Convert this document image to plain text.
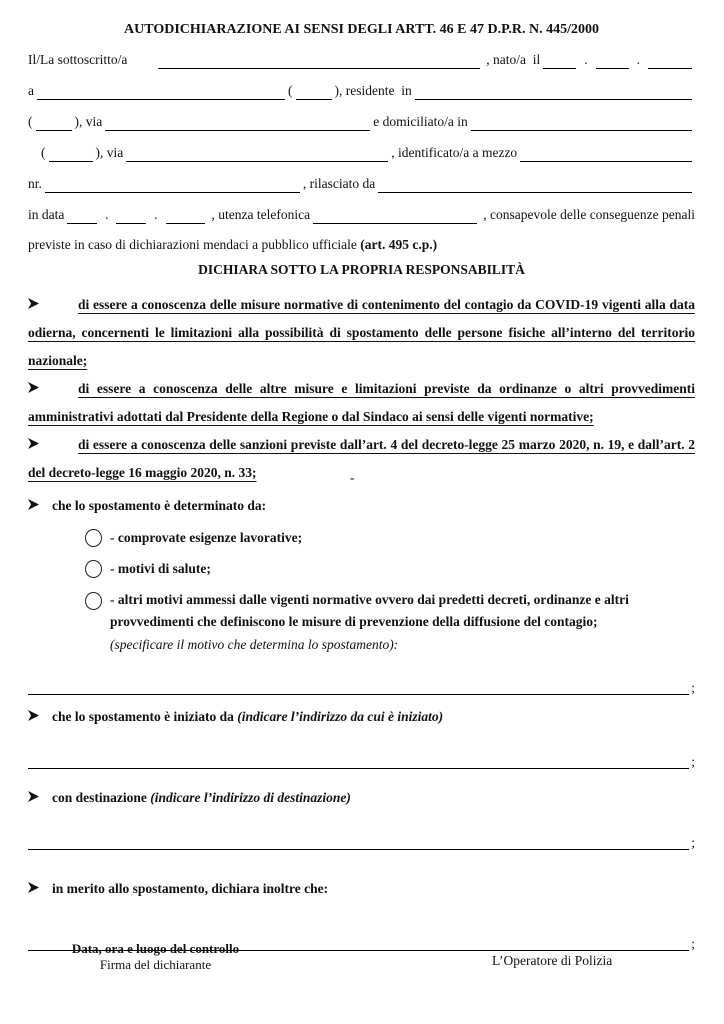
AUTODICHIARAZIONE AI SENSI DEGLI ARTT. 46 E 47 D.P.R. N. 445/2000
Il/La sottoscritto/a	, nato/a  il	.	.
a	(	), residente  in
(	), via	e domiciliato/a in
(	), via	, identificato/a a mezzo
nr.	, rilasciato da
in data	.	.	, utenza telefonica	, consapevole delle conseguenze penali
previste in caso di dichiarazioni mendaci a pubblico ufficiale (art. 495 c.p.)
DICHIARA SOTTO LA PROPRIA RESPONSABILITÀ

di essere a conoscenza delle misure normative di contenimento del contagio da COVID-19 vigenti alla data odierna, concernenti le limitazioni alla possibilità di spostamento delle persone fisiche all’interno del territorio nazionale;

di essere a conoscenza delle altre misure e limitazioni previste da ordinanze o altri provvedimenti amministrativi adottati dal Presidente della Regione o dal Sindaco ai sensi delle vigenti normative;

di essere a conoscenza delle sanzioni previste dall’art. 4 del decreto-legge 25 marzo 2020, n. 19, e dall’art. 2 del decreto-legge 16 maggio 2020, n. 33;

che lo spostamento è determinato da:
- comprovate esigenze lavorative;
- motivi di salute;
- altri motivi ammessi dalle vigenti normative ovvero dai predetti decreti, ordinanze e altri provvedimenti che definiscono le misure di prevenzione della diffusione del contagio;
(specificare il motivo che determina lo spostamento):
;
che lo spostamento è iniziato da (indicare l’indirizzo da cui è iniziato)
;
con destinazione (indicare l’indirizzo di destinazione)
;
in merito allo spostamento, dichiara inoltre che:
;
-
Data, ora e luogo del controllo
Firma del dichiarante	L’Operatore di Polizia
